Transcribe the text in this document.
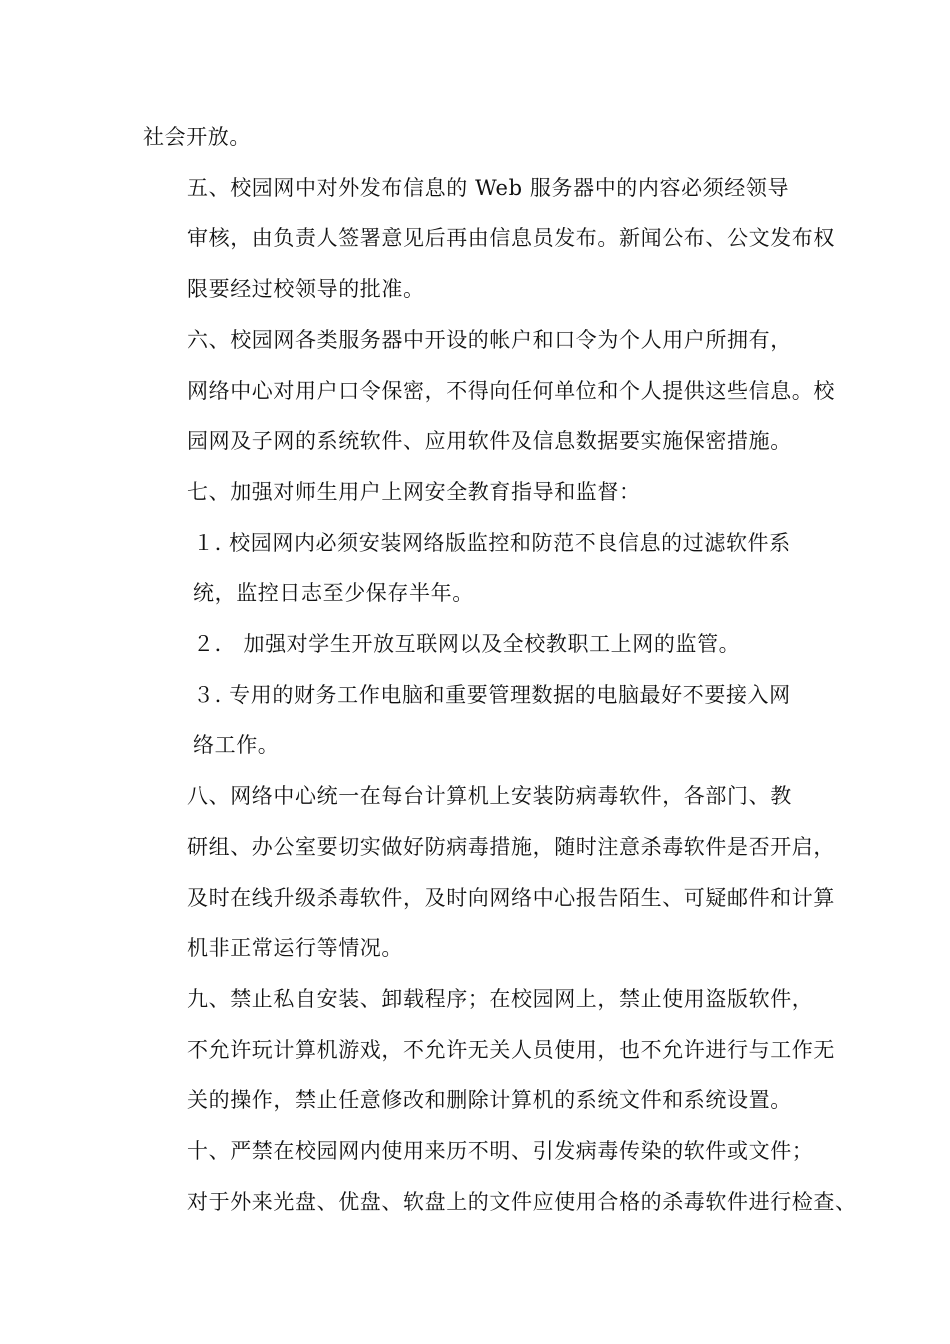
社会开放。

五、校园网中对外发布信息的 Web 服务器中的内容必须经领导
审核，由负责人签署意见后再由信息员发布。新闻公布、公文发布权
限要经过校领导的批准。

六、校园网各类服务器中开设的帐户和口令为个人用户所拥有，
网络中心对用户口令保密，不得向任何单位和个人提供这些信息。校
园网及子网的系统软件、应用软件及信息数据要实施保密措施。

七、加强对师生用户上网安全教育指导和监督：

１. 校园网内必须安装网络版监控和防范不良信息的过滤软件系
统，监控日志至少保存半年。

２． 加强对学生开放互联网以及全校教职工上网的监管。

３. 专用的财务工作电脑和重要管理数据的电脑最好不要接入网
络工作。

八、网络中心统一在每台计算机上安装防病毒软件，各部门、教
研组、办公室要切实做好防病毒措施，随时注意杀毒软件是否开启，
及时在线升级杀毒软件，及时向网络中心报告陌生、可疑邮件和计算
机非正常运行等情况。

九、禁止私自安装、卸载程序；在校园网上，禁止使用盗版软件，
不允许玩计算机游戏，不允许无关人员使用，也不允许进行与工作无
关的操作，禁止任意修改和删除计算机的系统文件和系统设置。

十、严禁在校园网内使用来历不明、引发病毒传染的软件或文件；
对于外来光盘、优盘、软盘上的文件应使用合格的杀毒软件进行检查、
